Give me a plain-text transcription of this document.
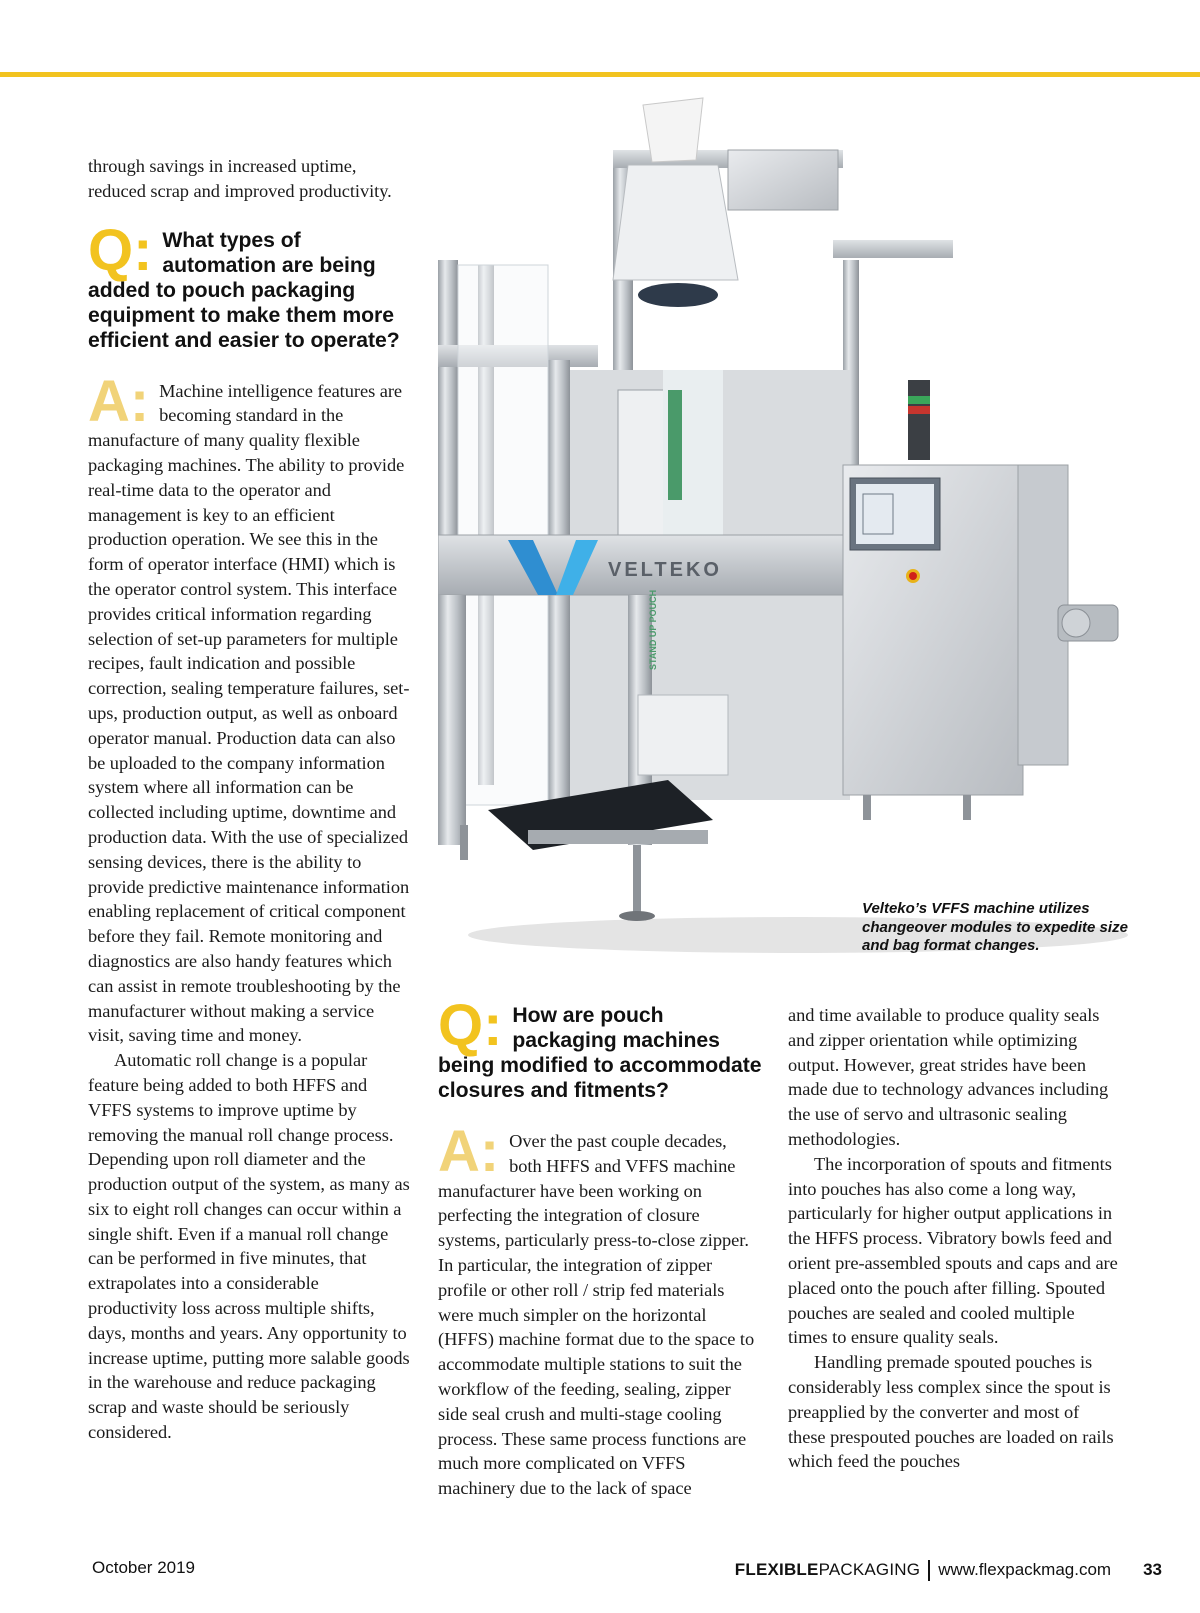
through savings in increased uptime, reduced scrap and improved productivity.

Q: What types of automation are being added to pouch packaging equipment to make them more efficient and easier to operate?

A: Machine intelligence features are becoming standard in the manufacture of many quality flexible packaging machines. The ability to provide real-time data to the operator and management is key to an efficient production operation. We see this in the form of operator interface (HMI) which is the operator control system. This interface provides critical information regarding selection of set-up parameters for multiple recipes, fault indication and possible correction, sealing temperature failures, set-ups, production output, as well as onboard operator manual. Production data can also be uploaded to the company information system where all information can be collected including uptime, downtime and production data. With the use of specialized sensing devices, there is the ability to provide predictive maintenance information enabling replacement of critical component before they fail. Remote monitoring and diagnostics are also handy features which can assist in remote troubleshooting by the manufacturer without making a service visit, saving time and money.

Automatic roll change is a popular feature being added to both HFFS and VFFS systems to improve uptime by removing the manual roll change process. Depending upon roll diameter and the production output of the system, as many as six to eight roll changes can occur within a single shift. Even if a manual roll change can be performed in five minutes, that extrapolates into a considerable productivity loss across multiple shifts, days, months and years. Any opportunity to increase uptime, putting more salable goods in the warehouse and reduce packaging scrap and waste should be seriously considered.

VELTEKO
STAND UP POUCH
Velteko’s VFFS machine utilizes changeover modules to expedite size and bag format changes.
Q: How are pouch packaging machines being modified to accommodate closures and fitments?

A: Over the past couple decades, both HFFS and VFFS machine manufacturer have been working on perfecting the integration of closure systems, particularly press-to-close zipper. In particular, the integration of zipper profile or other roll / strip fed materials were much simpler on the horizontal (HFFS) machine format due to the space to accommodate multiple stations to suit the workflow of the feeding, sealing, zipper side seal crush and multi-stage cooling process. These same process functions are much more complicated on VFFS machinery due to the lack of space

and time available to produce quality seals and zipper orientation while optimizing output. However, great strides have been made due to technology advances including the use of servo and ultrasonic sealing methodologies.

The incorporation of spouts and fitments into pouches has also come a long way, particularly for higher output applications in the HFFS process. Vibratory bowls feed and orient pre-assembled spouts and caps and are placed onto the pouch after filling. Spouted pouches are sealed and cooled multiple times to ensure quality seals.

Handling premade spouted pouches is considerably less complex since the spout is preapplied by the converter and most of these prespouted pouches are loaded on rails which feed the pouches

October 2019	FLEXIBLE PACKAGING www.flexpackmag.com 33
